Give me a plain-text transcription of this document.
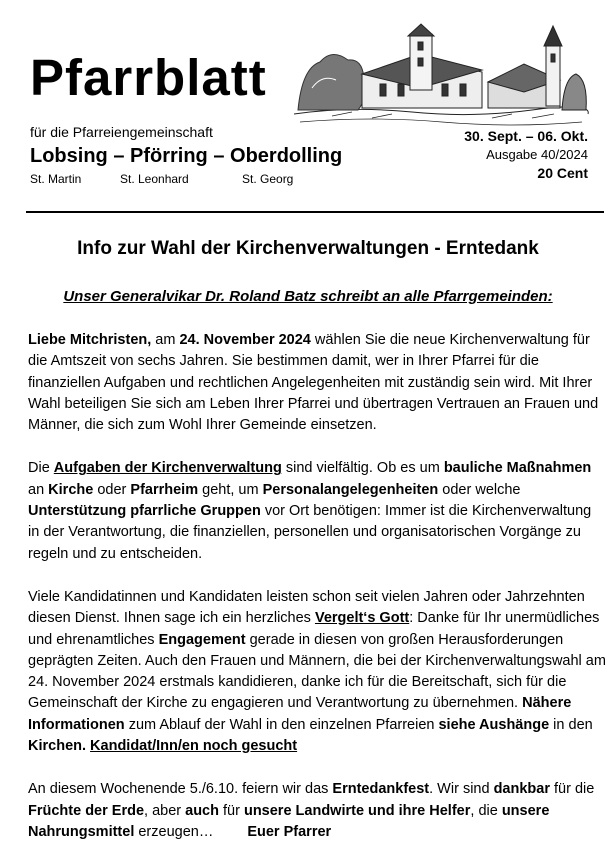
Pfarrblatt
für die Pfarreiengemeinschaft
Lobsing – Pförring – Oberdolling
St. Martin	St. Leonhard	St. Georg
30. Sept. – 06. Okt.
Ausgabe 40/2024
20 Cent
Info zur Wahl der Kirchenverwaltungen - Erntedank
Unser Generalvikar Dr. Roland Batz schreibt an alle Pfarrgemeinden:

Liebe Mitchristen, am 24. November 2024 wählen Sie die neue Kirchenverwaltung für die Amtszeit von sechs Jahren. Sie bestimmen damit, wer in Ihrer Pfarrei für die finanziellen Aufgaben und rechtlichen Angelegenheiten mit zuständig sein wird. Mit Ihrer Wahl beteiligen Sie sich am Leben Ihrer Pfarrei und übertragen Vertrauen an Frauen und Männer, die sich zum Wohl Ihrer Gemeinde einsetzen.

Die Aufgaben der Kirchenverwaltung sind vielfältig. Ob es um bauliche Maßnahmen an Kirche oder Pfarrheim geht, um Personalangelegenheiten oder welche Unterstützung pfarrliche Gruppen vor Ort benötigen: Immer ist die Kirchenverwaltung in der Verantwortung, die finanziellen, personellen und organisatorischen Vorgänge zu regeln und zu entscheiden.

Viele Kandidatinnen und Kandidaten leisten schon seit vielen Jahren oder Jahrzehnten diesen Dienst. Ihnen sage ich ein herzliches Vergelt‘s Gott: Danke für Ihr unermüdliches und ehrenamtliches Engagement gerade in diesen von großen Herausforderungen geprägten Zeiten. Auch den Frauen und Männern, die bei der Kirchenverwaltungswahl am 24. November 2024 erstmals kandidieren, danke ich für die Bereitschaft, sich für die Gemeinschaft der Kirche zu engagieren und Verantwortung zu übernehmen. Nähere Informationen zum Ablauf der Wahl in den einzelnen Pfarreien siehe Aushänge in den Kirchen. Kandidat/Inn/en noch gesucht

An diesem Wochenende 5./6.10. feiern wir das Erntedankfest. Wir sind dankbar für die Früchte der Erde, aber auch für unsere Landwirte und ihre Helfer, die unsere Nahrungsmittel erzeugen… Euer Pfarrer
